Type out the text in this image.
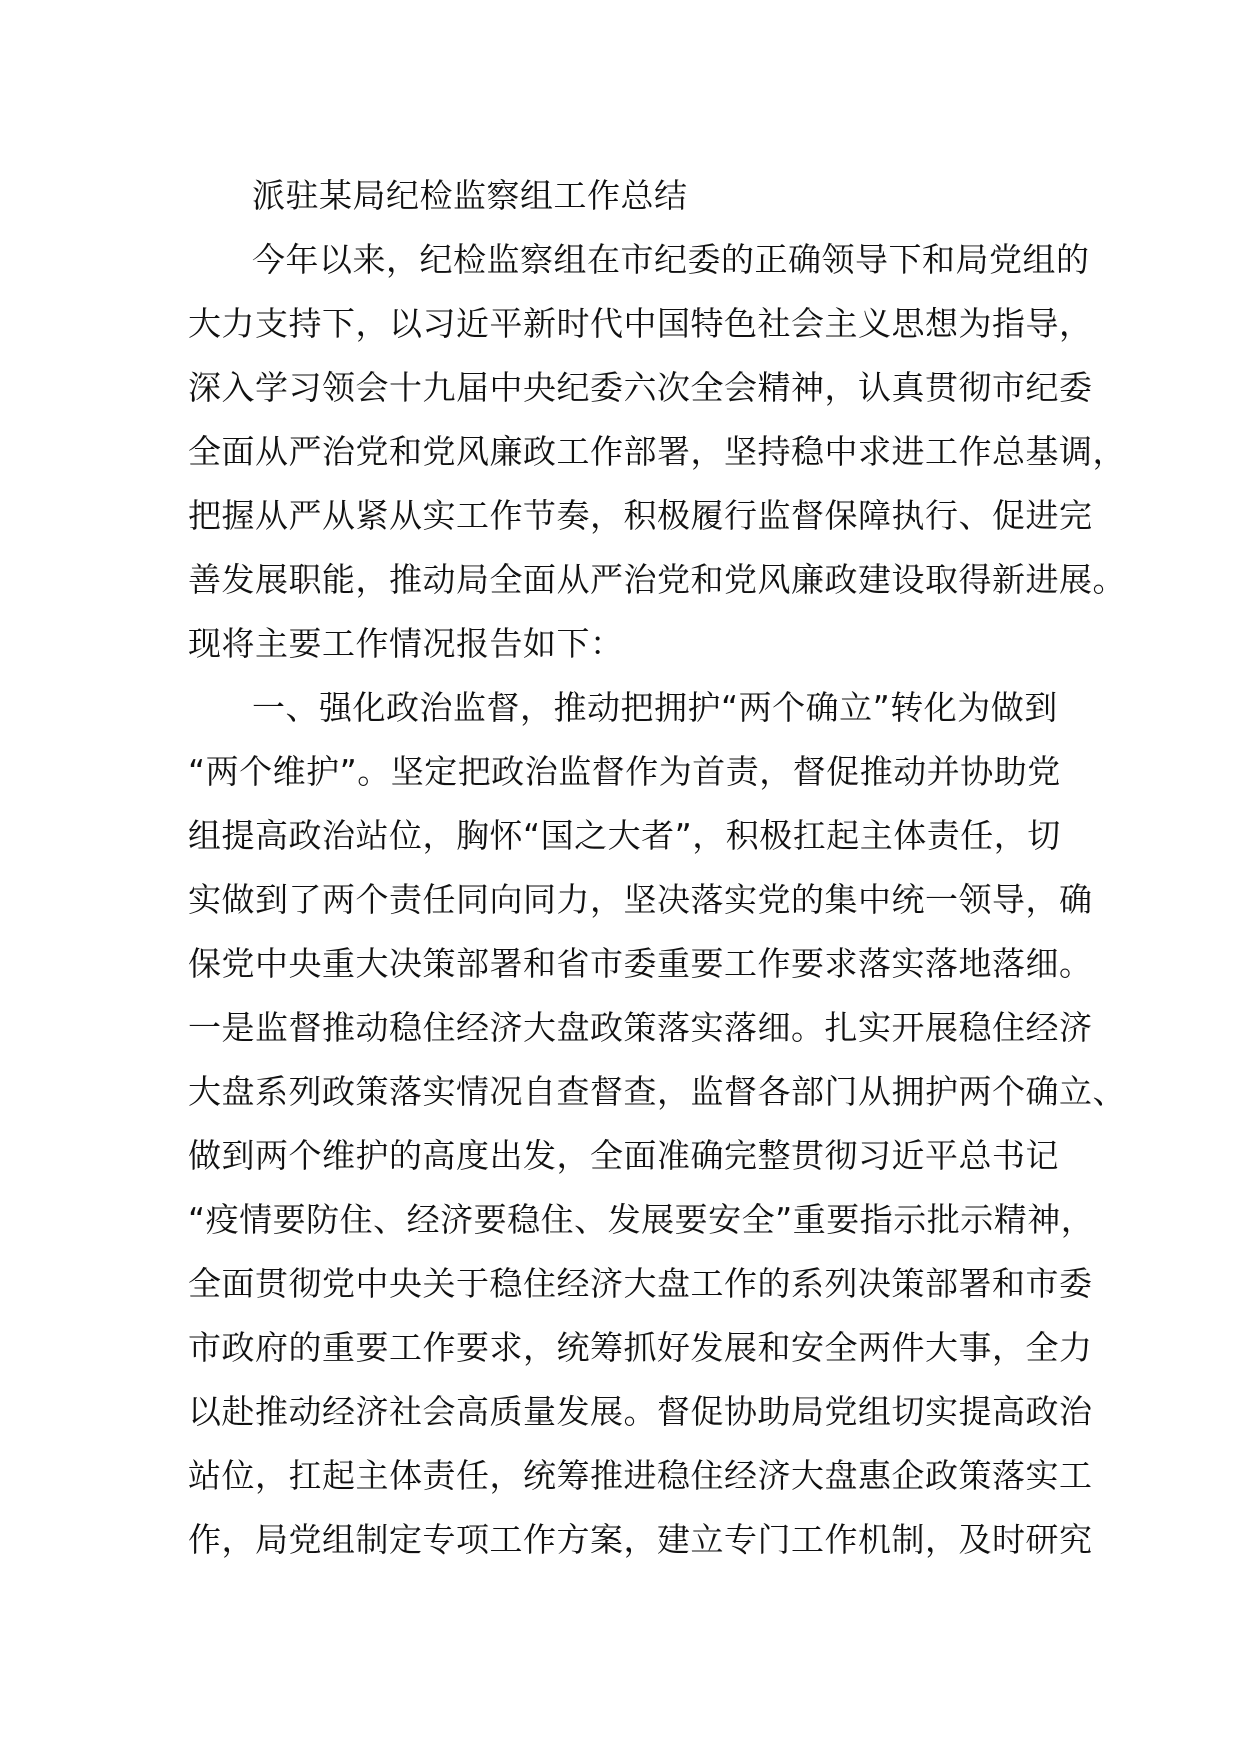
派驻某局纪检监察组工作总结

今年以来，纪检监察组在市纪委的正确领导下和局党组的

大力支持下，以习近平新时代中国特色社会主义思想为指导，

深入学习领会十九届中央纪委六次全会精神，认真贯彻市纪委

全面从严治党和党风廉政工作部署，坚持稳中求进工作总基调，

把握从严从紧从实工作节奏，积极履行监督保障执行、促进完

善发展职能，推动局全面从严治党和党风廉政建设取得新进展。

现将主要工作情况报告如下：

一、强化政治监督，推动把拥护“两个确立”转化为做到

“两个维护”。坚定把政治监督作为首责，督促推动并协助党

组提高政治站位，胸怀“国之大者”，积极扛起主体责任，切

实做到了两个责任同向同力，坚决落实党的集中统一领导，确

保党中央重大决策部署和省市委重要工作要求落实落地落细。

一是监督推动稳住经济大盘政策落实落细。扎实开展稳住经济

大盘系列政策落实情况自查督查，监督各部门从拥护两个确立、

做到两个维护的高度出发，全面准确完整贯彻习近平总书记

“疫情要防住、经济要稳住、发展要安全”重要指示批示精神，

全面贯彻党中央关于稳住经济大盘工作的系列决策部署和市委

市政府的重要工作要求，统筹抓好发展和安全两件大事，全力

以赴推动经济社会高质量发展。督促协助局党组切实提高政治

站位，扛起主体责任，统筹推进稳住经济大盘惠企政策落实工

作，局党组制定专项工作方案，建立专门工作机制，及时研究
